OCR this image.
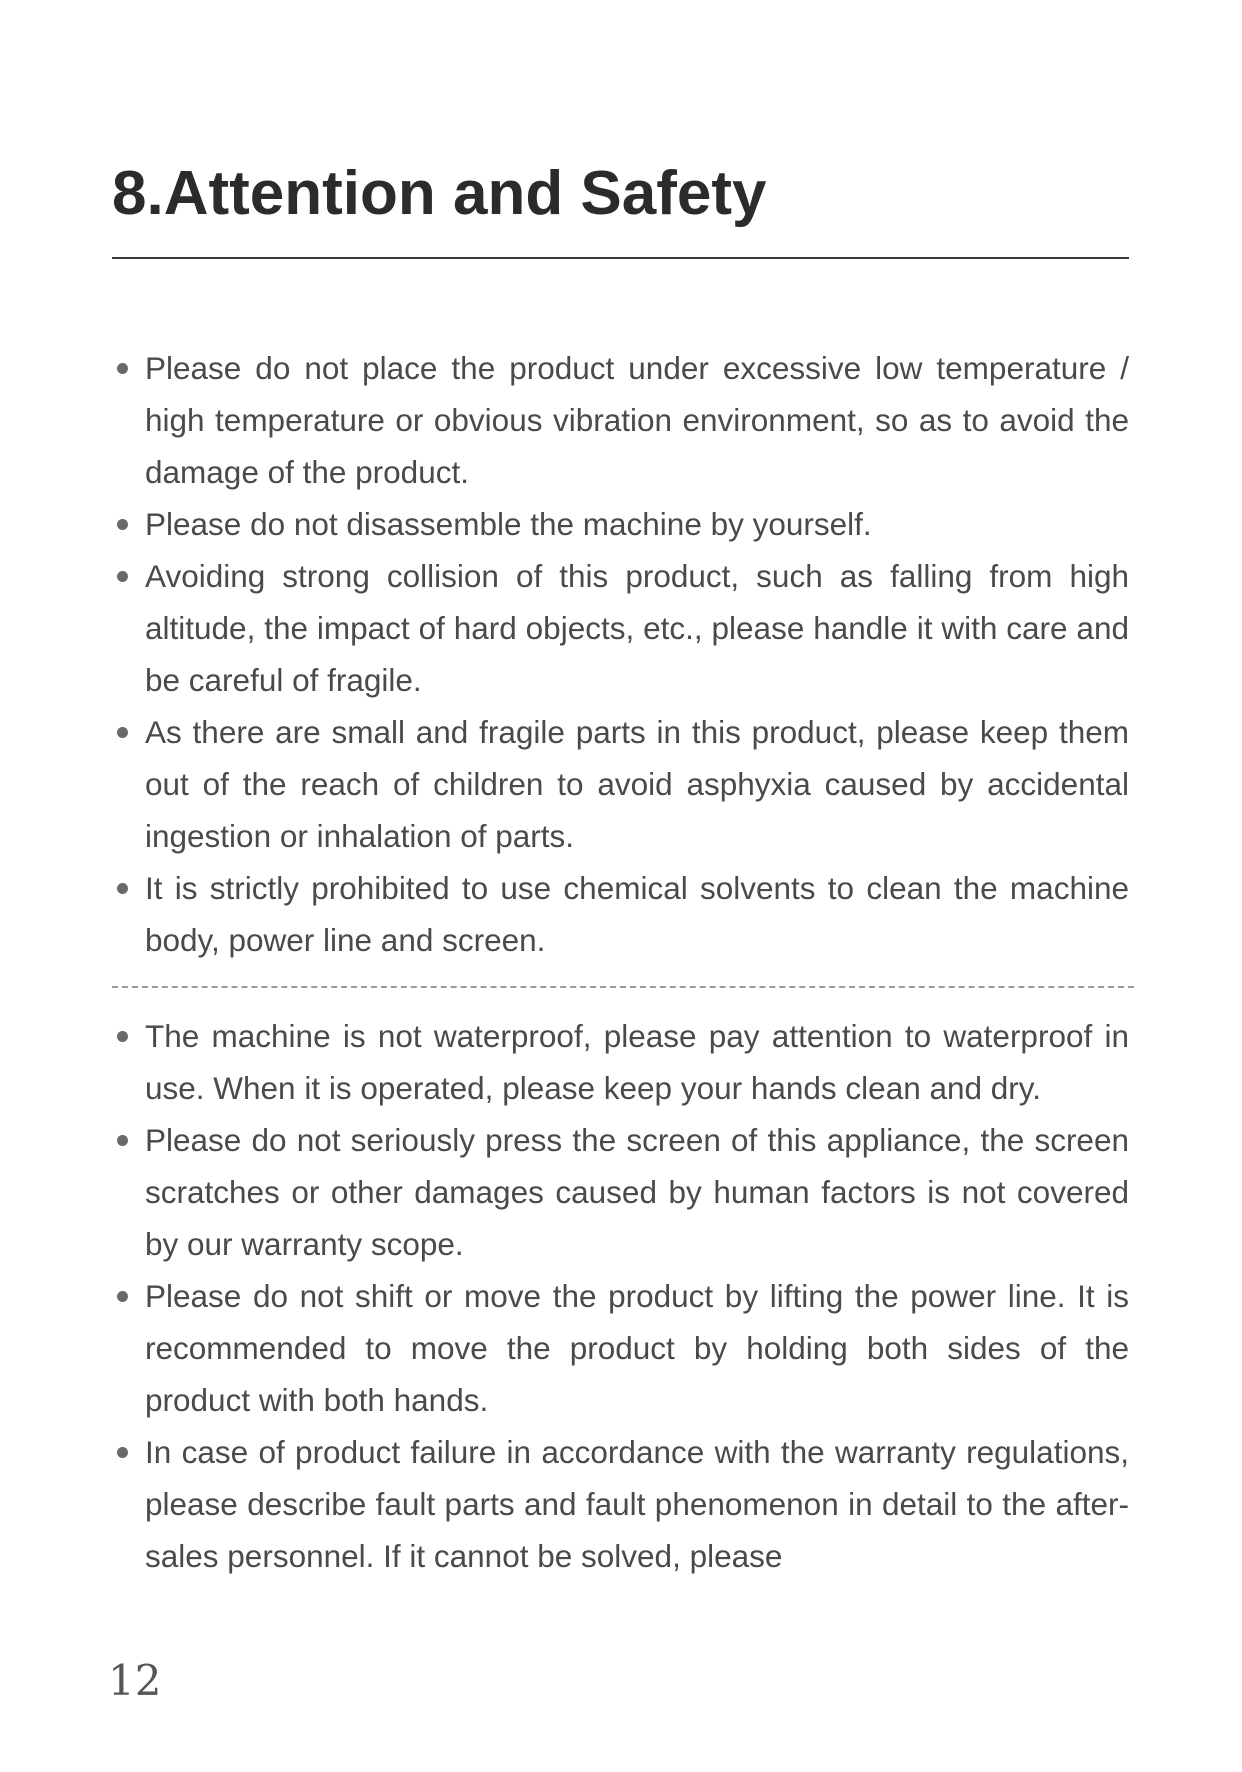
8.Attention and Safety
Please do not place the product under excessive low temperature / high temperature or obvious vibration environment, so as to avoid the damage of the product.
Please do not disassemble the machine by yourself.
Avoiding strong collision of this product, such as falling from high altitude, the impact of hard objects, etc., please handle it with care and be careful of fragile.
As there are small and fragile parts in this product, please keep them out of the reach of children to avoid asphyxia caused by accidental ingestion or inhalation of parts.
It is strictly prohibited to use chemical solvents to clean the machine body, power line and screen.
The machine is not waterproof, please pay attention to waterproof in use. When it is operated, please keep your hands clean and dry.
Please do not seriously press the screen of this appliance, the screen scratches or other damages caused by human factors is not covered by our warranty scope.
Please do not shift or move the product by lifting the power line. It is recommended to move the product by holding both sides of the product with both hands.
In case of product failure in accordance with the warranty regulations, please describe fault parts and fault phenomenon in detail to the after-sales personnel. If it cannot be solved, please
12
